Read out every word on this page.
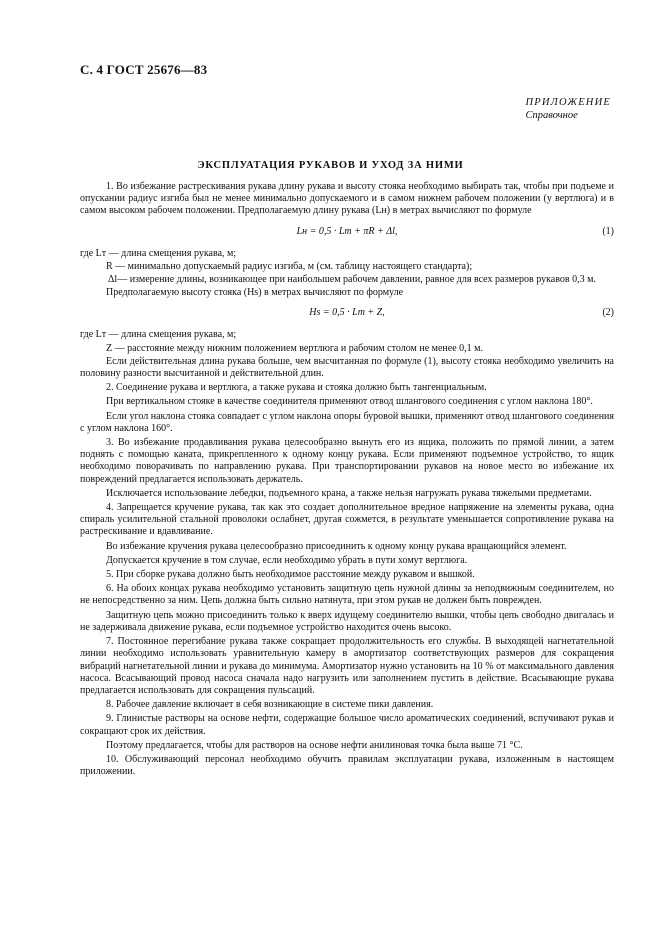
С. 4 ГОСТ 25676—83
ПРИЛОЖЕНИЕ
Справочное
ЭКСПЛУАТАЦИЯ РУКАВОВ И УХОД ЗА НИМИ

1. Во избежание растрескивания рукава длину рукава и высоту стояка необходимо выбирать так, чтобы при подъеме и опускании радиус изгиба был не менее минимально допускаемого и в самом нижнем рабочем положении (у вертлюга) и в самом высоком рабочем положении. Предполагаемую длину рукава (Lн) в метрах вычисляют по формуле

Lн = 0,5 · Lт + πR + Δl,	(1)

где Lт — длина смещения рукава, м;

R — минимально допускаемый радиус изгиба, м (см. таблицу настоящего стандарта);

Δl— измерение длины, возникающее при наибольшем рабочем давлении, равное для всех размеров рукавов 0,3 м.

Предполагаемую высоту стояка (Hs) в метрах вычисляют по формуле

Hs = 0,5 · Lт + Z,	(2)

где Lт — длина смещения рукава, м;

Z — расстояние между нижним положением вертлюга и рабочим столом не менее 0,1 м.

Если действительная длина рукава больше, чем высчитанная по формуле (1), высоту стояка необходимо увеличить на половину разности высчитанной и действительной длин.

2. Соединение рукава и вертлюга, а также рукава и стояка должно быть тангенциальным.

При вертикальном стояке в качестве соединителя применяют отвод шлангового соединения с углом наклона 180°.

Если угол наклона стояка совпадает с углом наклона опоры буровой вышки, применяют отвод шлангового соединения с углом наклона 160°.

3. Во избежание продавливания рукава целесообразно вынуть его из ящика, положить по прямой линии, а затем поднять с помощью каната, прикрепленного к одному концу рукава. Если применяют подъемное устройство, то ящик необходимо поворачивать по направлению рукава. При транспортировании рукавов на новое место во избежание их повреждений предлагается использовать держатель.

Исключается использование лебедки, подъемного крана, а также нельзя нагружать рукава тяжелыми предметами.

4. Запрещается кручение рукава, так как это создает дополнительное вредное напряжение на элементы рукава, одна спираль усилительной стальной проволоки ослабнет, другая сожмется, в результате уменьшается сопротивление рукава на растрескивание и вдавливание.

Во избежание кручения рукава целесообразно присоединить к одному концу рукава вращающийся элемент.

Допускается кручение в том случае, если необходимо убрать в пути хомут вертлюга.

5. При сборке рукава должно быть необходимое расстояние между рукавом и вышкой.

6. На обоих концах рукава необходимо установить защитную цепь нужной длины за неподвижным соединителем, но не непосредственно за ним. Цепь должна быть сильно натянута, при этом рукав не должен быть поврежден.

Защитную цепь можно присоединить только к вверх идущему соединителю вышки, чтобы цепь свободно двигалась и не задерживала движение рукава, если подъемное устройство находится очень высоко.

7. Постоянное перегибание рукава также сокращает продолжительность его службы. В выходящей нагнетательной линии необходимо использовать уравнительную камеру в амортизатор соответствующих размеров для сокращения вибраций нагнетательной линии и рукава до минимума. Амортизатор нужно установить на 10 % от максимального давления насоса. Всасывающий провод насоса сначала надо нагрузить или заполнением пустить в действие. Всасывающие рукава предлагается использовать для сокращения пульсаций.

8. Рабочее давление включает в себя возникающие в системе пики давления.

9. Глинистые растворы на основе нефти, содержащие большое число ароматических соединений, вспучивают рукав и сокращают срок их действия.

Поэтому предлагается, чтобы для растворов на основе нефти анилиновая точка была выше 71 °С.

10. Обслуживающий персонал необходимо обучить правилам эксплуатации рукава, изложенным в настоящем приложении.
